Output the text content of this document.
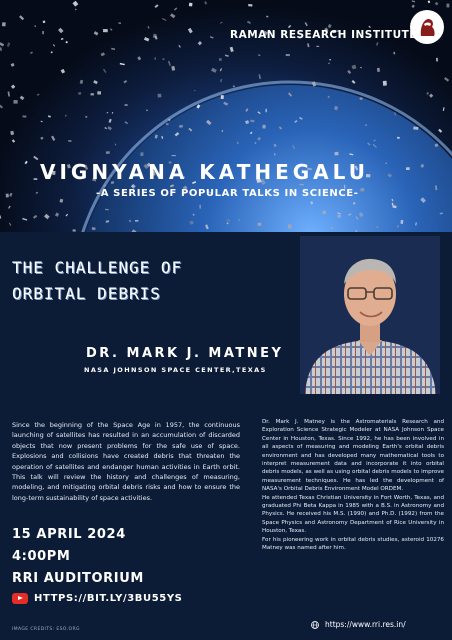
RAMAN RESEARCH INSTITUTE
VIGNYANA KATHEGALU
-A SERIES OF POPULAR TALKS IN SCIENCE-
THE CHALLENGE OF
ORBITAL DEBRIS
DR. MARK J. MATNEY
NASA JOHNSON SPACE CENTER,TEXAS
Since the beginning of the Space Age in 1957, the continuous launching of satellites has resulted in an accumulation of discarded objects that now present problems for the safe use of space. Explosions and collisions have created debris that threaten the operation of satellites and endanger human activities in Earth orbit. This talk will review the history and challenges of measuring, modeling, and mitigating orbital debris risks and how to ensure the long-term sustainability of space activities.

Dr. Mark J. Matney is the Astromaterials Research and Exploration Science Strategic Modeler at NASA Johnson Space Center in Houston, Texas. Since 1992, he has been involved in all aspects of measuring and modeling Earth's orbital debris environment and has developed many mathematical tools to interpret measurement data and incorporate it into orbital debris models, as well as using orbital debris models to improve measurement techniques. He has led the development of NASA's Orbital Debris Environment Model ORDEM.

He attended Texas Christian University in Fort Worth, Texas, and graduated Phi Beta Kappa in 1985 with a B.S. in Astronomy and Physics. He received his M.S. (1990) and Ph.D. (1992) from the Space Physics and Astronomy Department of Rice University in Houston, Texas.

For his pioneering work in orbital debris studies, asteroid 10276 Matney was named after him.

15 APRIL 2024
4:00PM
RRI AUDITORIUM
HTTPS://BIT.LY/3BU55YS
IMAGE CREDITS: ESO.ORG
https://www.rri.res.in/
